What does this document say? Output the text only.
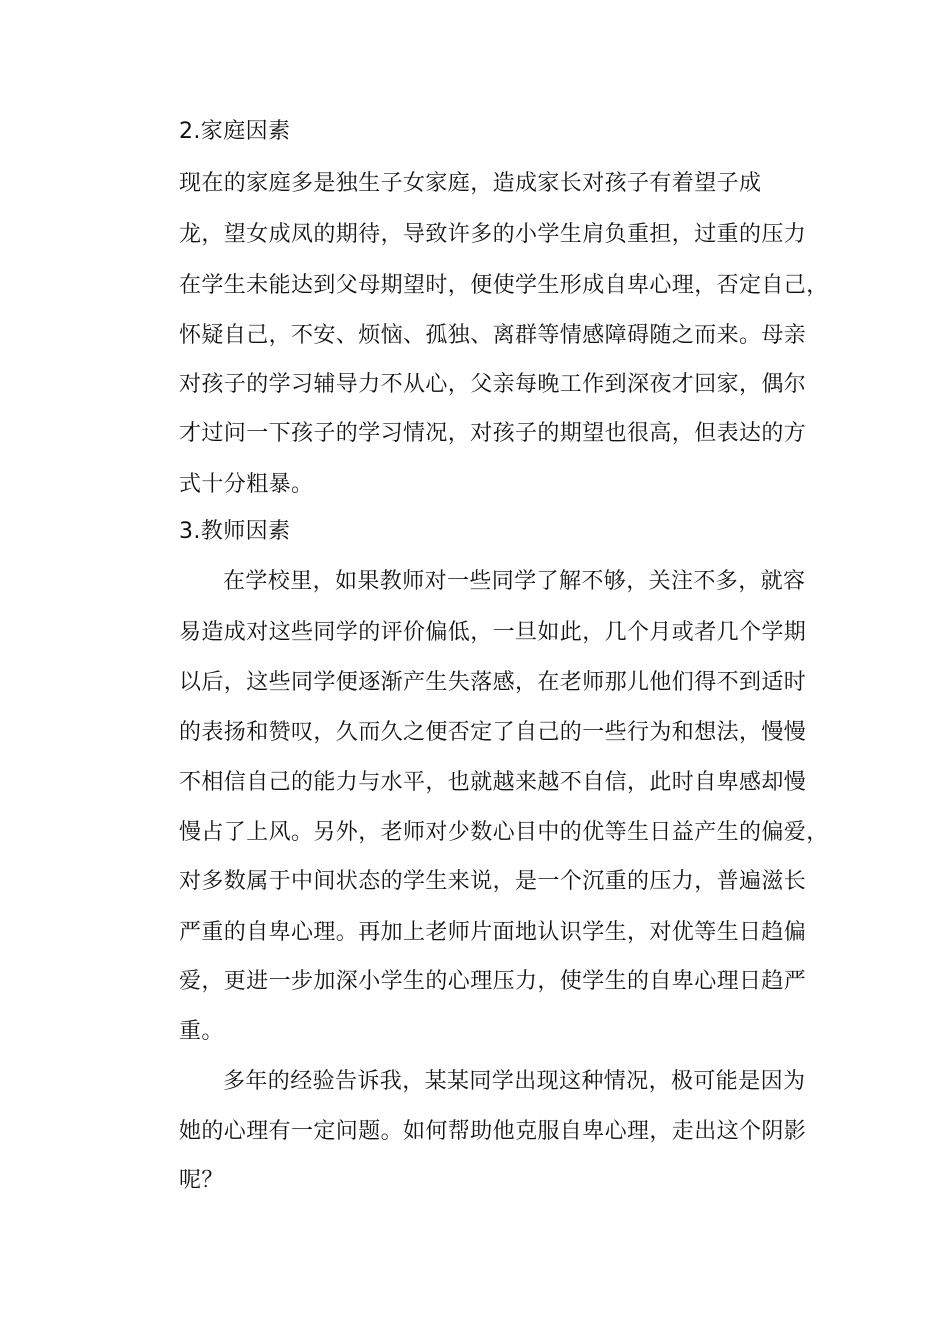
2.家庭因素
现在的家庭多是独生子女家庭，造成家长对孩子有着望子成
龙，望女成凤的期待，导致许多的小学生肩负重担，过重的压力
在学生未能达到父母期望时，便使学生形成自卑心理，否定自己，
怀疑自己，不安、烦恼、孤独、离群等情感障碍随之而来。母亲
对孩子的学习辅导力不从心，父亲每晚工作到深夜才回家，偶尔
才过问一下孩子的学习情况，对孩子的期望也很高，但表达的方
式十分粗暴。
3.教师因素
在学校里，如果教师对一些同学了解不够，关注不多，就容
易造成对这些同学的评价偏低，一旦如此，几个月或者几个学期
以后，这些同学便逐渐产生失落感，在老师那儿他们得不到适时
的表扬和赞叹，久而久之便否定了自己的一些行为和想法，慢慢
不相信自己的能力与水平，也就越来越不自信，此时自卑感却慢
慢占了上风。另外，老师对少数心目中的优等生日益产生的偏爱，
对多数属于中间状态的学生来说，是一个沉重的压力，普遍滋长
严重的自卑心理。再加上老师片面地认识学生，对优等生日趋偏
爱，更进一步加深小学生的心理压力，使学生的自卑心理日趋严
重。
多年的经验告诉我，某某同学出现这种情况，极可能是因为
她的心理有一定问题。如何帮助他克服自卑心理，走出这个阴影
呢？
